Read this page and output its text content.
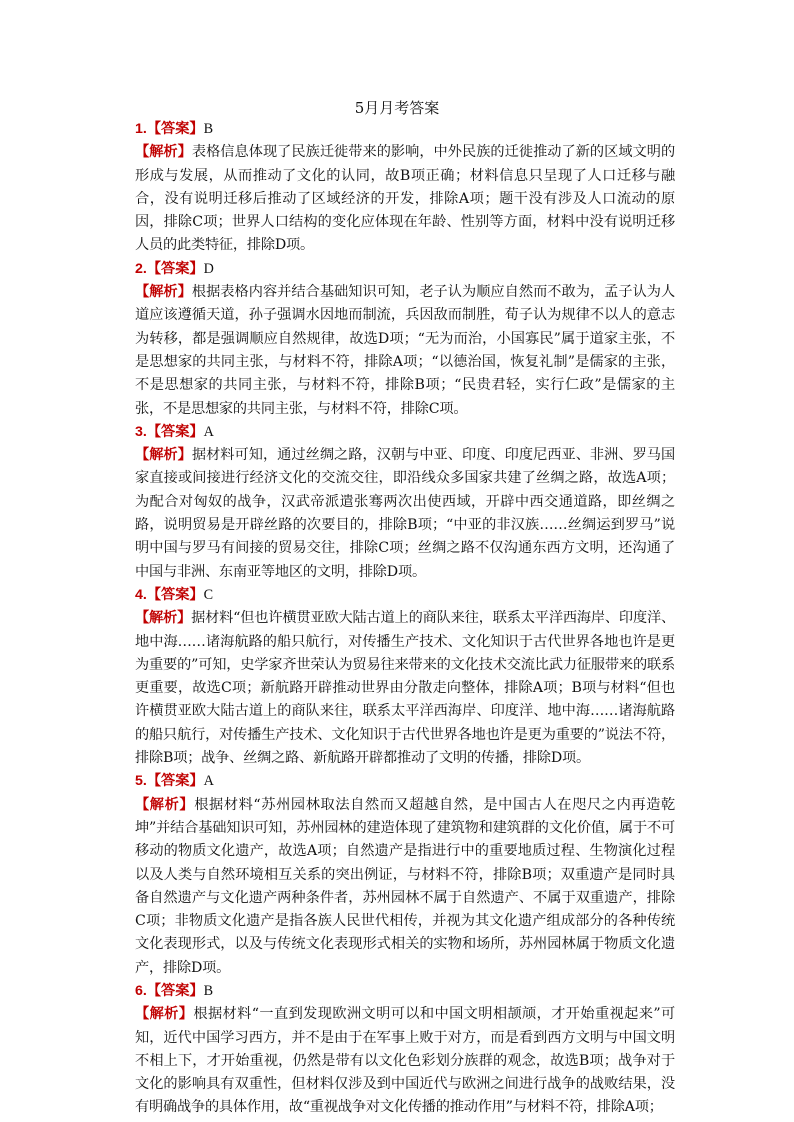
5月月考答案

1.【答案】B

【解析】表格信息体现了民族迁徙带来的影响，中外民族的迁徙推动了新的区域文明的形成与发展，从而推动了文化的认同，故B项正确；材料信息只呈现了人口迁移与融合，没有说明迁移后推动了区域经济的开发，排除A项；题干没有涉及人口流动的原因，排除C项；世界人口结构的变化应体现在年龄、性别等方面，材料中没有说明迁移人员的此类特征，排除D项。

2.【答案】D

【解析】根据表格内容并结合基础知识可知，老子认为顺应自然而不敢为，孟子认为人道应该遵循天道，孙子强调水因地而制流，兵因敌而制胜，荀子认为规律不以人的意志为转移，都是强调顺应自然规律，故选D项；“无为而治，小国寡民”属于道家主张，不是思想家的共同主张，与材料不符，排除A项；“以德治国，恢复礼制”是儒家的主张，不是思想家的共同主张，与材料不符，排除B项；“民贵君轻，实行仁政”是儒家的主张，不是思想家的共同主张，与材料不符，排除C项。

3.【答案】A

【解析】据材料可知，通过丝绸之路，汉朝与中亚、印度、印度尼西亚、非洲、罗马国家直接或间接进行经济文化的交流交往，即沿线众多国家共建了丝绸之路，故选A项；为配合对匈奴的战争，汉武帝派遣张骞两次出使西域，开辟中西交通道路，即丝绸之路，说明贸易是开辟丝路的次要目的，排除B项；“中亚的非汉族……丝绸运到罗马”说明中国与罗马有间接的贸易交往，排除C项；丝绸之路不仅沟通东西方文明，还沟通了中国与非洲、东南亚等地区的文明，排除D项。

4.【答案】C

【解析】据材料“但也许横贯亚欧大陆古道上的商队来往，联系太平洋西海岸、印度洋、地中海……诸海航路的船只航行，对传播生产技术、文化知识于古代世界各地也许是更为重要的”可知，史学家齐世荣认为贸易往来带来的文化技术交流比武力征服带来的联系更重要，故选C项；新航路开辟推动世界由分散走向整体，排除A项；B项与材料“但也许横贯亚欧大陆古道上的商队来往，联系太平洋西海岸、印度洋、地中海……诸海航路的船只航行，对传播生产技术、文化知识于古代世界各地也许是更为重要的”说法不符，排除B项；战争、丝绸之路、新航路开辟都推动了文明的传播，排除D项。

5.【答案】A

【解析】根据材料“苏州园林取法自然而又超越自然，是中国古人在咫尺之内再造乾坤”并结合基础知识可知，苏州园林的建造体现了建筑物和建筑群的文化价值，属于不可移动的物质文化遗产，故选A项；自然遗产是指进行中的重要地质过程、生物演化过程以及人类与自然环境相互关系的突出例证，与材料不符，排除B项；双重遗产是同时具备自然遗产与文化遗产两种条件者，苏州园林不属于自然遗产、不属于双重遗产，排除C项；非物质文化遗产是指各族人民世代相传，并视为其文化遗产组成部分的各种传统文化表现形式，以及与传统文化表现形式相关的实物和场所，苏州园林属于物质文化遗产，排除D项。

6.【答案】B

【解析】根据材料“一直到发现欧洲文明可以和中国文明相颉颃，才开始重视起来”可知，近代中国学习西方，并不是由于在军事上败于对方，而是看到西方文明与中国文明不相上下，才开始重视，仍然是带有以文化色彩划分族群的观念，故选B项；战争对于文化的影响具有双重性，但材料仅涉及到中国近代与欧洲之间进行战争的战败结果，没有明确战争的具体作用，故“重视战争对文化传播的推动作用”与材料不符，排除A项；
